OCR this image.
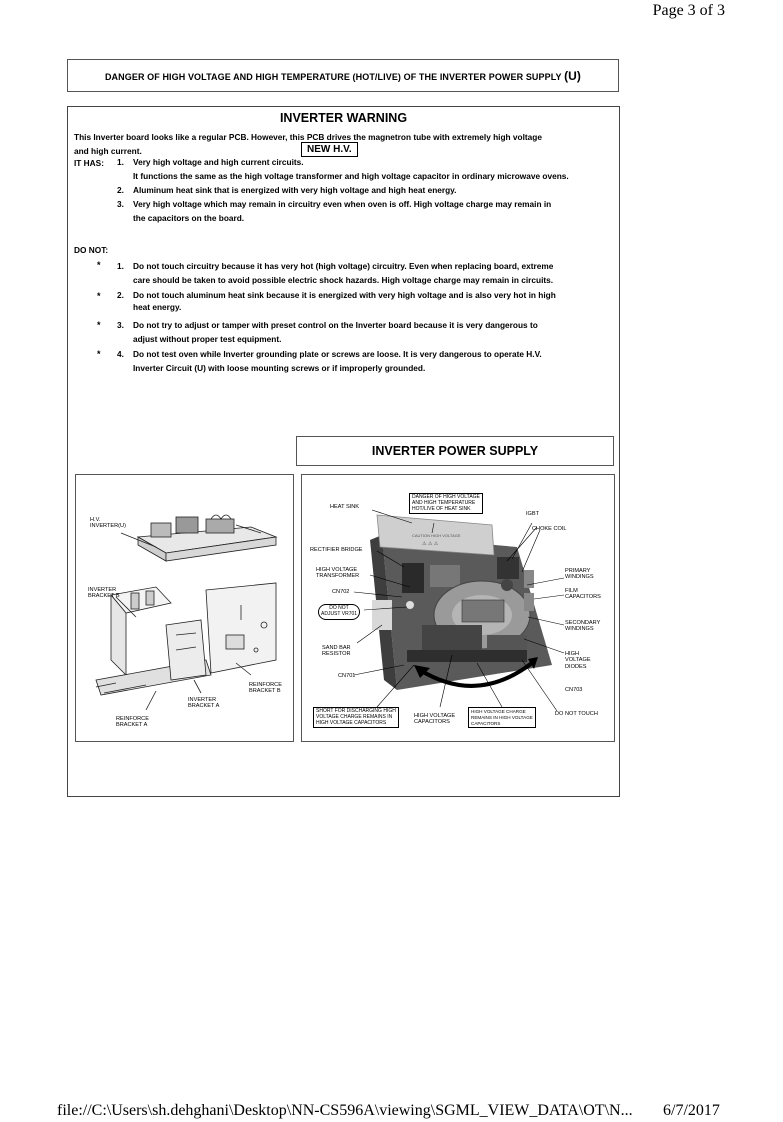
Page 3 of 3
DANGER OF HIGH VOLTAGE AND HIGH TEMPERATURE (HOT/LIVE) OF THE INVERTER POWER SUPPLY (U)
INVERTER WARNING
This Inverter board looks like a regular PCB. However, this PCB drives the magnetron tube with extremely high voltage
and high current.	NEW H.V.
IT HAS: 1. Very high voltage and high current circuits.
It functions the same as the high voltage transformer and high voltage capacitor in ordinary microwave ovens.
2. Aluminum heat sink that is energized with very high voltage and high heat energy.
3. Very high voltage which may remain in circuitry even when oven is off. High voltage charge may remain in
the capacitors on the board.
DO NOT:
* 1. Do not touch circuitry because it has very hot (high voltage) circuitry. Even when replacing board, extreme
care should be taken to avoid possible electric shock hazards. High voltage charge may remain in circuits.
* 2. Do not touch aluminum heat sink because it is energized with very high voltage and is also very hot in high
heat energy.
* 3. Do not try to adjust or tamper with preset control on the Inverter board because it is very dangerous to
adjust without proper test equipment.
* 4. Do not test oven while Inverter grounding plate or screws are loose. It is very dangerous to operate H.V.
Inverter Circuit (U) with loose mounting screws or if improperly grounded.
INVERTER POWER SUPPLY
H.V.
INVERTER(U)
INVERTER
BRACKET B
REINFORCE
BRACKET B
INVERTER
BRACKET A
REINFORCE
BRACKET A
CAUTION HIGH VOLTAGE
⚠ ⚠ ⚠
HEAT SINK
DANGER OF HIGH VOLTAGE
AND HIGH TEMPERATURE
HOT/LIVE OF HEAT SINK
IGBT
CHOKE COIL
RECTIFIER BRIDGE
HIGH VOLTAGE
TRANSFORMER
PRIMARY
WINDINGS
CN702	FILM
CAPACITORS
DO NOT
ADJUST VR701
SECONDARY
WINDINGS
SAND BAR
RESISTOR	HIGH
VOLTAGE
DIODES
CN701
CN703
SHORT FOR DISCHARGING HIGH
VOLTAGE CHARGE REMAINS IN
HIGH VOLTAGE CAPACITORS
HIGH VOLTAGE
CAPACITORS
HIGH VOLTAGE CHARGE
REMAINS IN HIGH VOLTAGE
CAPACITORS
DO NOT TOUCH
file://C:\Users\sh.dehghani\Desktop\NN-CS596A\viewing\SGML_VIEW_DATA\OT\N... 6/7/2017
